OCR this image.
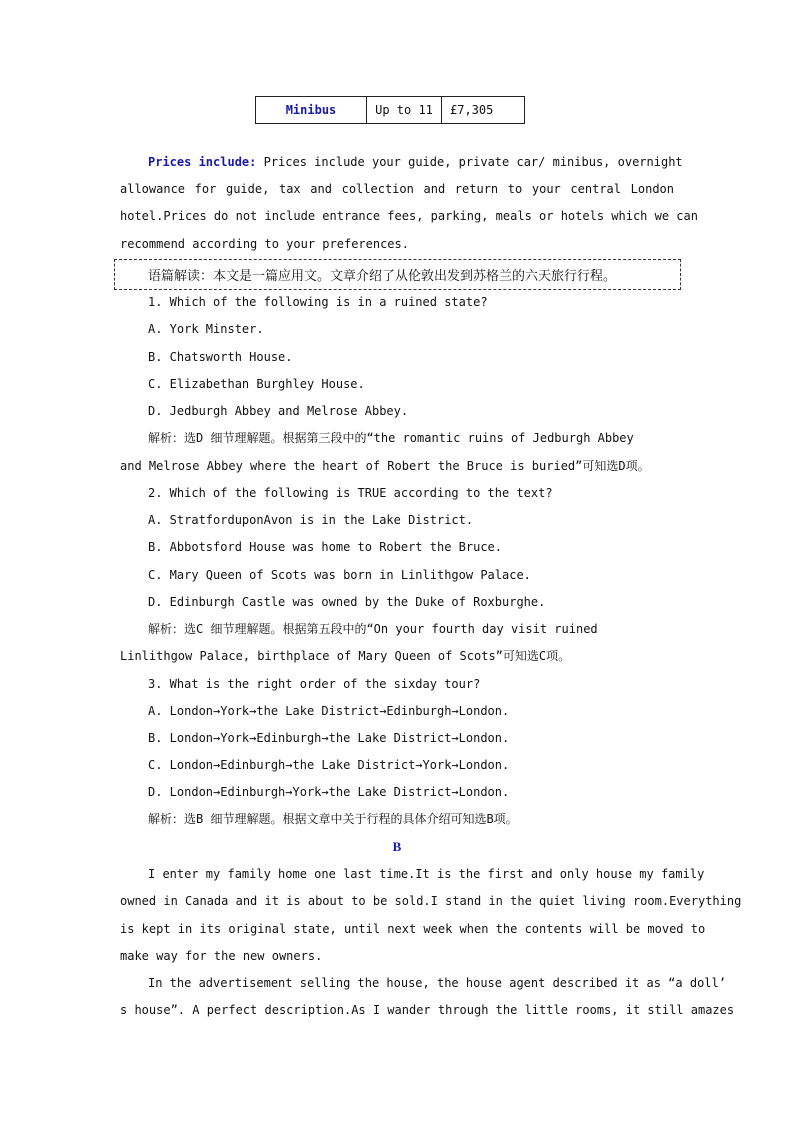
Minibus	Up to 11	£7,305
Prices include: Prices include your guide, private car/ minibus, overnight
allowance for guide, tax and collection and return to your central London
hotel.Prices do not include entrance fees, parking, meals or hotels which we can
recommend according to your preferences.
语篇解读：本文是一篇应用文。文章介绍了从伦敦出发到苏格兰的六天旅行行程。
1. Which of the following is in a ruined state?
A. York Minster.
B. Chatsworth House.
C. Elizabethan Burghley House.
D. Jedburgh Abbey and Melrose Abbey.
解析：选D 细节理解题。根据第三段中的“the romantic ruins of Jedburgh Abbey
and Melrose Abbey where the heart of Robert the Bruce is buried”可知选D项。
2. Which of the following is TRUE according to the text?
A. StratforduponAvon is in the Lake District.
B. Abbotsford House was home to Robert the Bruce.
C. Mary Queen of Scots was born in Linlithgow Palace.
D. Edinburgh Castle was owned by the Duke of Roxburghe.
解析：选C 细节理解题。根据第五段中的“On your fourth day visit ruined
Linlithgow Palace, birthplace of Mary Queen of Scots”可知选C项。
3. What is the right order of the sixday tour?
A. London→York→the Lake District→Edinburgh→London.
B. London→York→Edinburgh→the Lake District→London.
C. London→Edinburgh→the Lake District→York→London.
D. London→Edinburgh→York→the Lake District→London.
解析：选B 细节理解题。根据文章中关于行程的具体介绍可知选B项。
B
I enter my family home one last time.It is the first and only house my family
owned in Canada and it is about to be sold.I stand in the quiet living room.Everything
is kept in its original state, until next week when the contents will be moved to
make way for the new owners.
In the advertisement selling the house, the house agent described it as “a doll’
s house”. A perfect description.As I wander through the little rooms, it still amazes
